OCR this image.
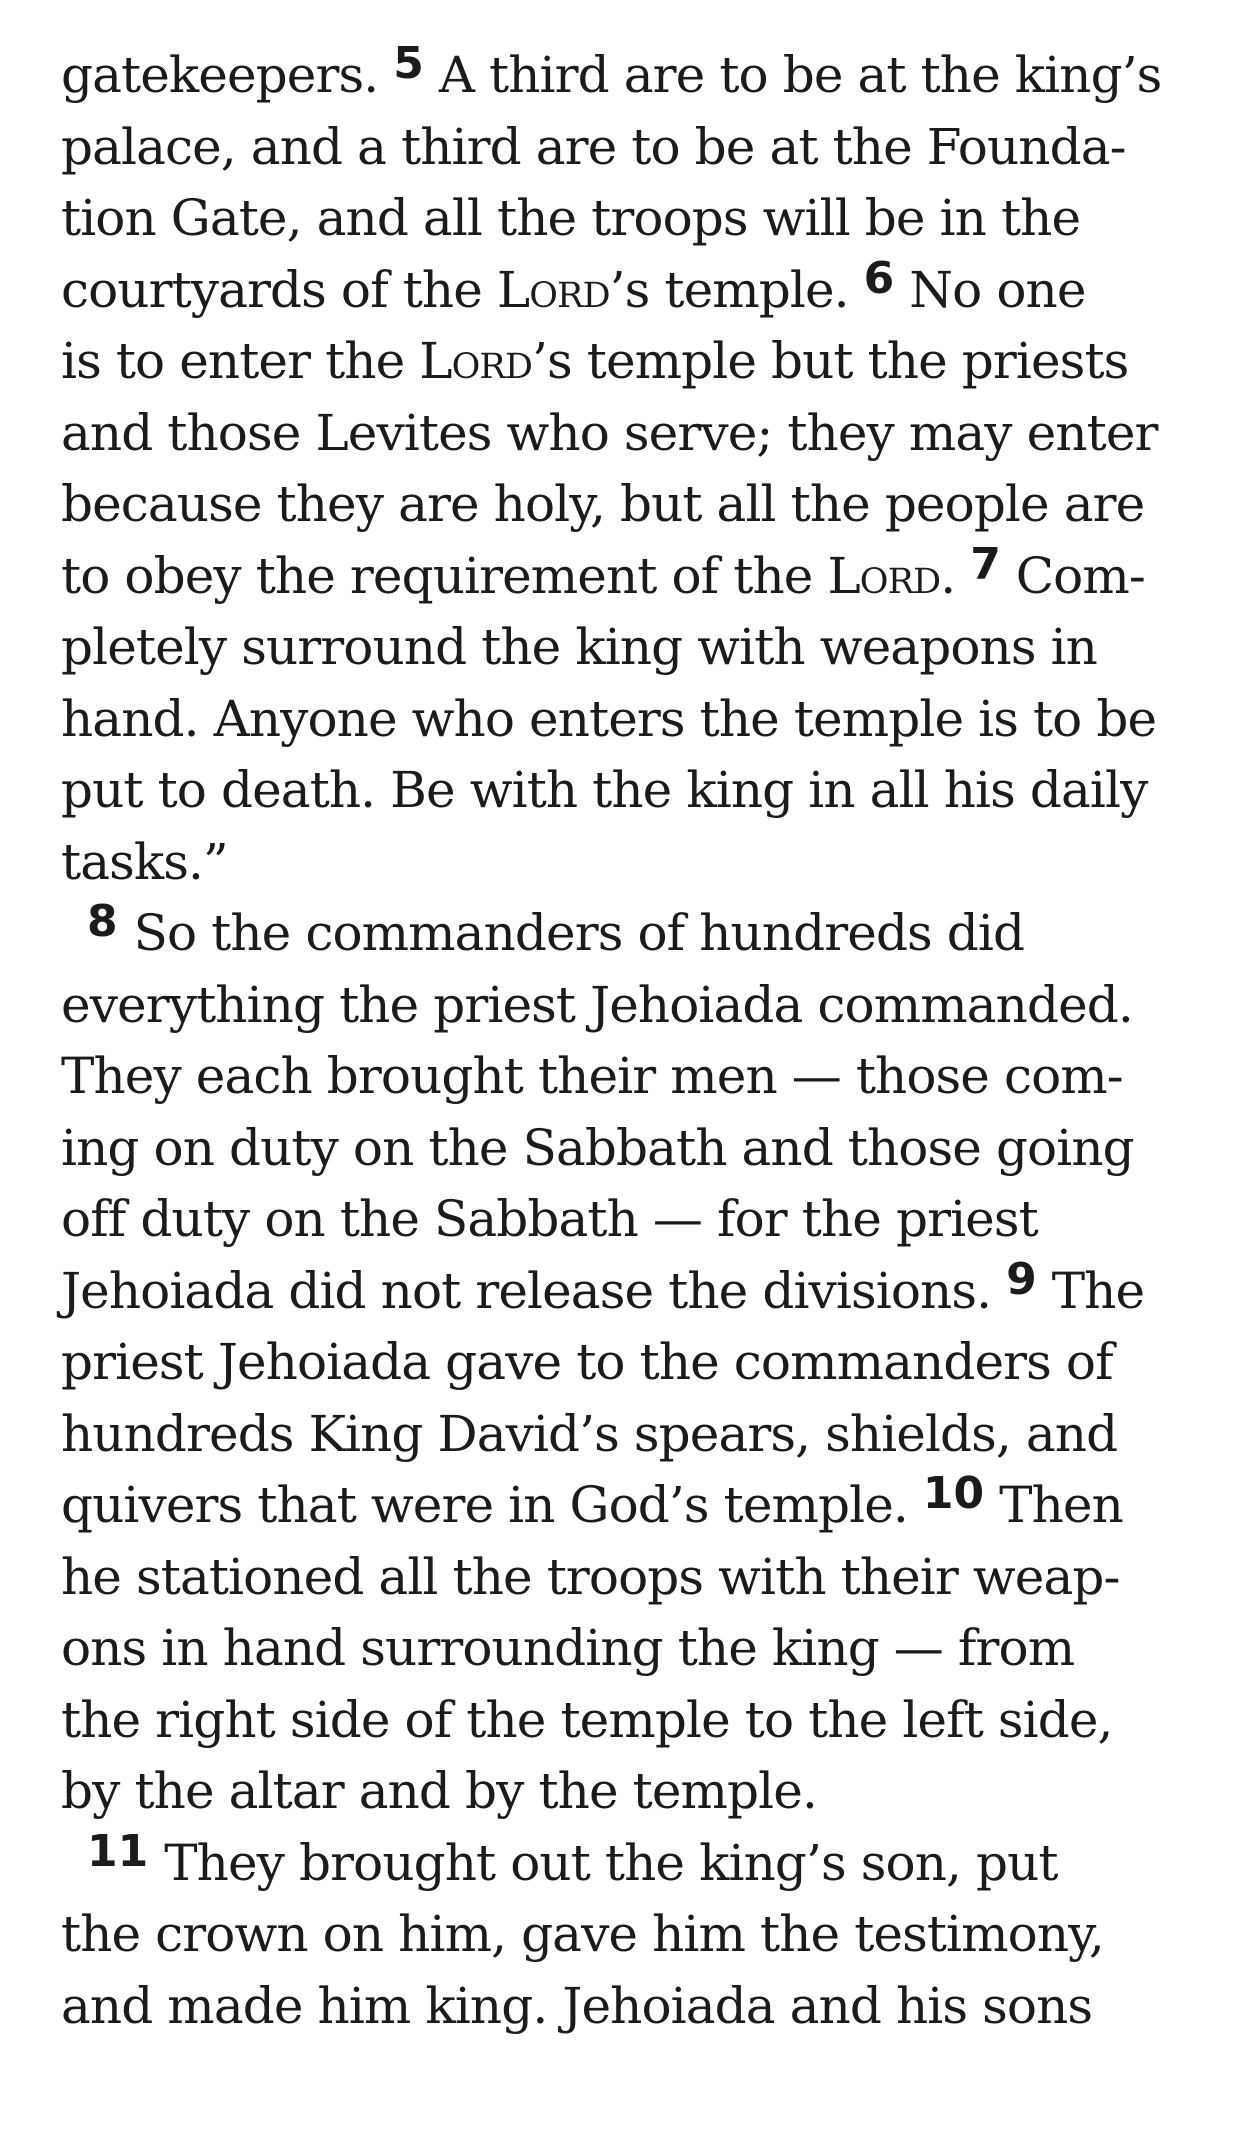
gatekeepers. 5 A third are to be at the king’s
palace, and a third are to be at the Founda-
tion Gate, and all the troops will be in the
courtyards of the Lord’s temple. 6 No one
is to enter the Lord’s temple but the priests
and those Levites who serve; they may enter
because they are holy, but all the people are
to obey the requirement of the Lord. 7 Com-
pletely surround the king with weapons in
hand. Anyone who enters the temple is to be
put to death. Be with the king in all his daily
tasks.”
8 So the commanders of hundreds did
everything the priest Jehoiada commanded.
They each brought their men — those com-
ing on duty on the Sabbath and those going
off duty on the Sabbath — for the priest
Jehoiada did not release the divisions. 9 The
priest Jehoiada gave to the commanders of
hundreds King David’s spears, shields, and
quivers that were in God’s temple. 10 Then
he stationed all the troops with their weap-
ons in hand surrounding the king — from
the right side of the temple to the left side,
by the altar and by the temple.
11 They brought out the king’s son, put
the crown on him, gave him the testimony,
and made him king. Jehoiada and his sons
